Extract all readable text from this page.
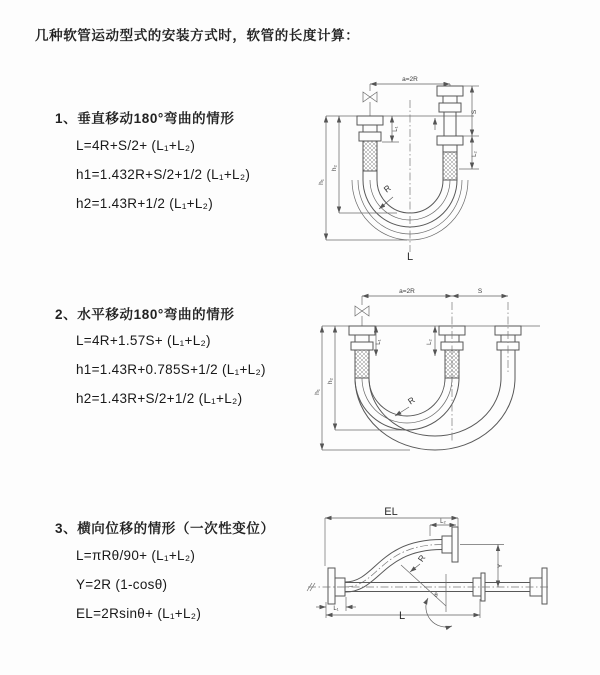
几种软管运动型式的安装方式时，软管的长度计算：
1、垂直移动180°弯曲的情形
L=4R+S/2+ (L₁+L₂)
h1=1.432R+S/2+1/2 (L₁+L₂)
h2=1.43R+1/2 (L₁+L₂)
2、水平移动180°弯曲的情形
L=4R+1.57S+ (L₁+L₂)
h1=1.43R+0.785S+1/2 (L₁+L₂)
h2=1.43R+S/2+1/2 (L₁+L₂)
3、横向位移的情形（一次性变位）
L=πRθ/90+ (L₁+L₂)
Y=2R (1-cosθ)
EL=2Rsinθ+ (L₁+L₂)
a=2R
h₁
h₂
L₁
S
L₂
R
L
a=2R	S
h₁
h₂
L₁	L₂
R
EL
L₂
θ
R
Y
L
L₁
